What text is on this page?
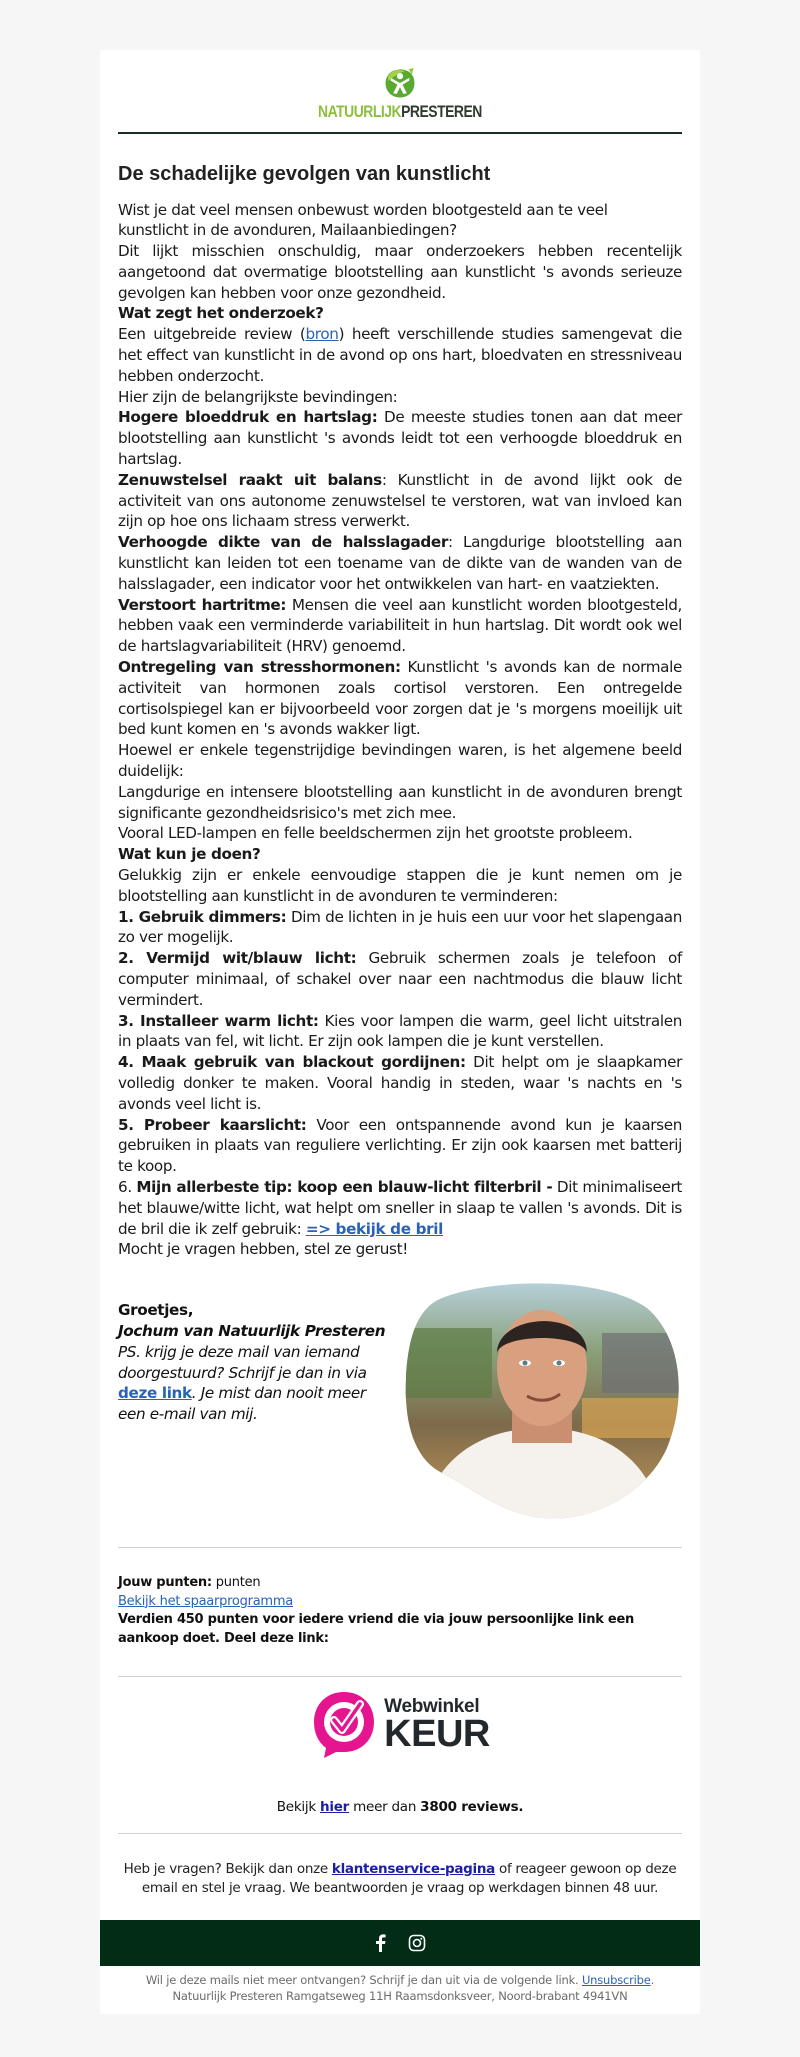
NATUURLIJKPRESTEREN
De schadelijke gevolgen van kunstlicht

Wist je dat veel mensen onbewust worden blootgesteld aan te veel kunstlicht in de avonduren, Mailaanbiedingen?

Dit lijkt misschien onschuldig, maar onderzoekers hebben recentelijk aangetoond dat overmatige blootstelling aan kunstlicht 's avonds serieuze gevolgen kan hebben voor onze gezondheid.

Wat zegt het onderzoek?

Een uitgebreide review (bron) heeft verschillende studies samengevat die het effect van kunstlicht in de avond op ons hart, bloedvaten en stressniveau hebben onderzocht.

Hier zijn de belangrijkste bevindingen:

Hogere bloeddruk en hartslag: De meeste studies tonen aan dat meer blootstelling aan kunstlicht 's avonds leidt tot een verhoogde bloeddruk en hartslag.

Zenuwstelsel raakt uit balans: Kunstlicht in de avond lijkt ook de activiteit van ons autonome zenuwstelsel te verstoren, wat van invloed kan zijn op hoe ons lichaam stress verwerkt.

Verhoogde dikte van de halsslagader: Langdurige blootstelling aan kunstlicht kan leiden tot een toename van de dikte van de wanden van de halsslagader, een indicator voor het ontwikkelen van hart- en vaatziekten.

Verstoort hartritme: Mensen die veel aan kunstlicht worden blootgesteld, hebben vaak een verminderde variabiliteit in hun hartslag. Dit wordt ook wel de hartslagvariabiliteit (HRV) genoemd.

Ontregeling van stresshormonen: Kunstlicht 's avonds kan de normale activiteit van hormonen zoals cortisol verstoren. Een ontregelde cortisolspiegel kan er bijvoorbeeld voor zorgen dat je 's morgens moeilijk uit bed kunt komen en 's avonds wakker ligt.

Hoewel er enkele tegenstrijdige bevindingen waren, is het algemene beeld duidelijk:

Langdurige en intensere blootstelling aan kunstlicht in de avonduren brengt significante gezondheidsrisico's met zich mee.

Vooral LED-lampen en felle beeldschermen zijn het grootste probleem.

Wat kun je doen?

Gelukkig zijn er enkele eenvoudige stappen die je kunt nemen om je blootstelling aan kunstlicht in de avonduren te verminderen:

1. Gebruik dimmers: Dim de lichten in je huis een uur voor het slapengaan zo ver mogelijk.

2. Vermijd wit/blauw licht: Gebruik schermen zoals je telefoon of computer minimaal, of schakel over naar een nachtmodus die blauw licht vermindert.

3. Installeer warm licht: Kies voor lampen die warm, geel licht uitstralen in plaats van fel, wit licht. Er zijn ook lampen die je kunt verstellen.

4. Maak gebruik van blackout gordijnen: Dit helpt om je slaapkamer volledig donker te maken. Vooral handig in steden, waar 's nachts en 's avonds veel licht is.

5. Probeer kaarslicht: Voor een ontspannende avond kun je kaarsen gebruiken in plaats van reguliere verlichting. Er zijn ook kaarsen met batterij te koop.

6. Mijn allerbeste tip: koop een blauw-licht filterbril - Dit minimaliseert het blauwe/witte licht, wat helpt om sneller in slaap te vallen 's avonds. Dit is de bril die ik zelf gebruik: => bekijk de bril

Mocht je vragen hebben, stel ze gerust!

Groetjes,

Jochum van Natuurlijk Presteren

PS. krijg je deze mail van iemand doorgestuurd? Schrijf je dan in via deze link. Je mist dan nooit meer een e-mail van mij.

Jouw punten: punten

Bekijk het spaarprogramma

Verdien 450 punten voor iedere vriend die via jouw persoonlijke link een aankoop doet. Deel deze link:

Webwinkel
KEUR
Bekijk hier meer dan 3800 reviews.
Heb je vragen? Bekijk dan onze klantenservice-pagina of reageer gewoon op deze email en stel je vraag. We beantwoorden je vraag op werkdagen binnen 48 uur.

Wil je deze mails niet meer ontvangen? Schrijf je dan uit via de volgende link. Unsubscribe.

Natuurlijk Presteren Ramgatseweg 11H Raamsdonksveer, Noord-brabant 4941VN
